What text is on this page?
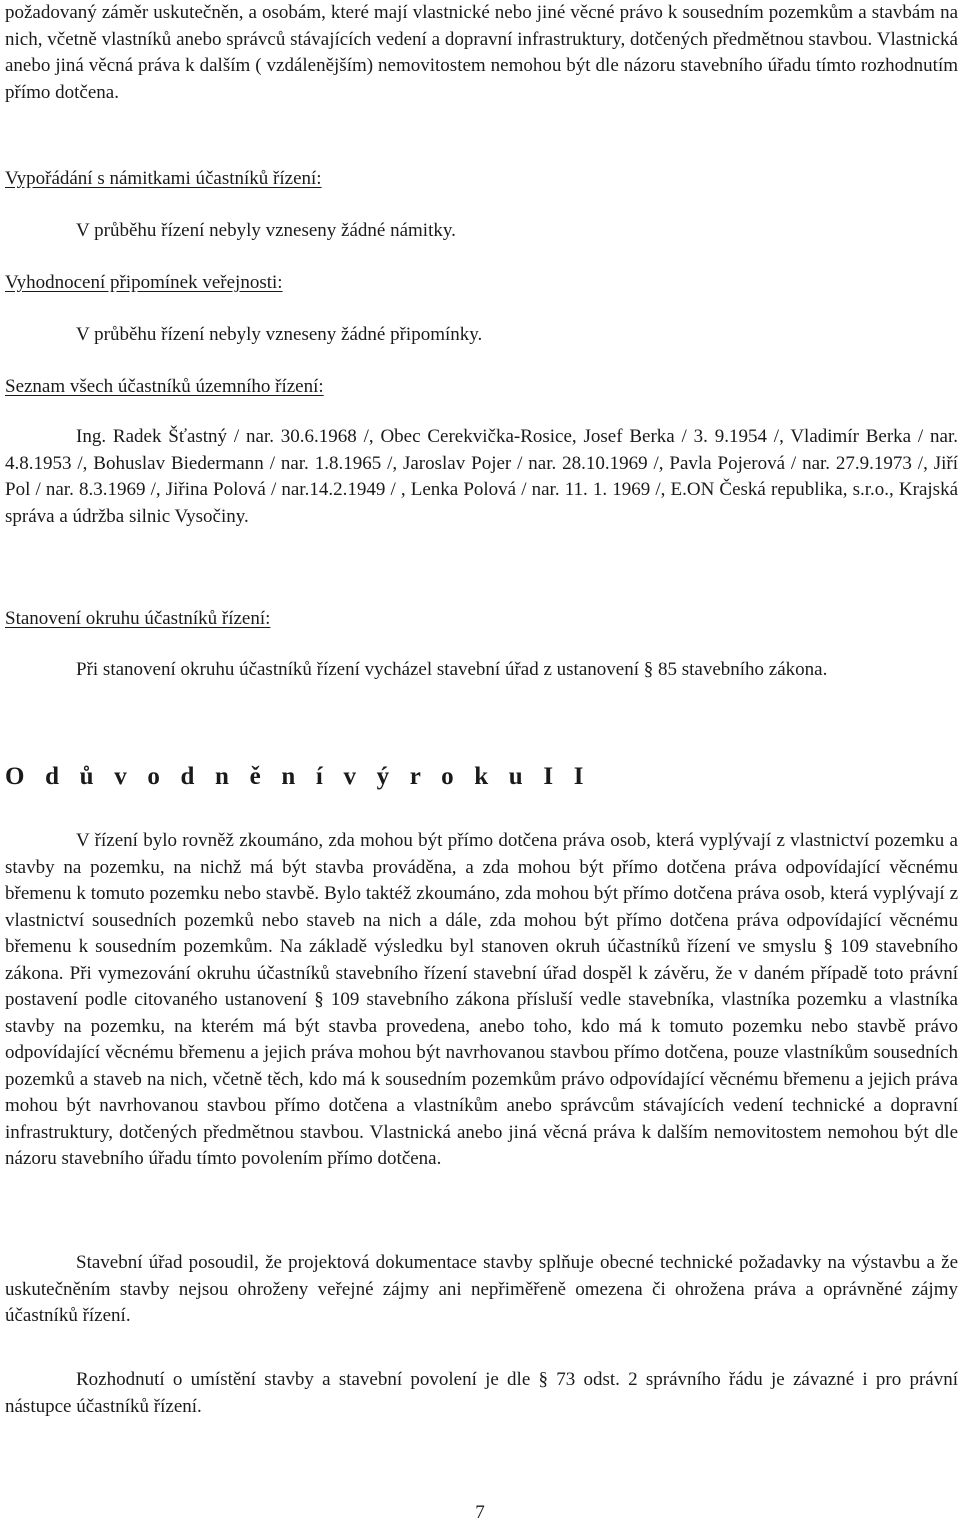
požadovaný záměr uskutečněn, a osobám, které mají vlastnické nebo jiné věcné právo k sousedním pozemkům a stavbám na nich, včetně vlastníků anebo správců stávajících vedení a dopravní infrastruktury, dotčených předmětnou stavbou. Vlastnická anebo jiná věcná práva k dalším ( vzdálenějším) nemovitostem nemohou být dle názoru stavebního úřadu tímto rozhodnutím přímo dotčena.

Vypořádání s námitkami účastníků řízení:

V průběhu řízení nebyly vzneseny žádné námitky.

Vyhodnocení připomínek veřejnosti:

V průběhu řízení nebyly vzneseny žádné připomínky.

Seznam všech účastníků územního řízení:

Ing. Radek Šťastný / nar. 30.6.1968 /, Obec Cerekvička-Rosice, Josef Berka / 3. 9.1954 /, Vladimír Berka / nar. 4.8.1953 /, Bohuslav Biedermann / nar. 1.8.1965 /, Jaroslav Pojer / nar. 28.10.1969 /, Pavla Pojerová / nar. 27.9.1973 /, Jiří Pol / nar. 8.3.1969 /, Jiřina Polová / nar.14.2.1949 / , Lenka Polová / nar. 11. 1. 1969 /, E.ON Česká republika, s.r.o., Krajská správa a údržba silnic Vysočiny.

Stanovení okruhu účastníků řízení:

Při stanovení okruhu účastníků řízení vycházel stavební úřad z ustanovení § 85 stavebního zákona.

O d ů v o d n ě n í v ý r o k u I I

V řízení bylo rovněž zkoumáno, zda mohou být přímo dotčena práva osob, která vyplývají z vlastnictví pozemku a stavby na pozemku, na nichž má být stavba prováděna, a zda mohou být přímo dotčena práva odpovídající věcnému břemenu k tomuto pozemku nebo stavbě. Bylo taktéž zkoumáno, zda mohou být přímo dotčena práva osob, která vyplývají z vlastnictví sousedních pozemků nebo staveb na nich a dále, zda mohou být přímo dotčena práva odpovídající věcnému břemenu k sousedním pozemkům. Na základě výsledku byl stanoven okruh účastníků řízení ve smyslu § 109 stavebního zákona. Při vymezování okruhu účastníků stavebního řízení stavební úřad dospěl k závěru, že v daném případě toto právní postavení podle citovaného ustanovení § 109 stavebního zákona přísluší vedle stavebníka, vlastníka pozemku a vlastníka stavby na pozemku, na kterém má být stavba provedena, anebo toho, kdo má k tomuto pozemku nebo stavbě právo odpovídající věcnému břemenu a jejich práva mohou být navrhovanou stavbou přímo dotčena, pouze vlastníkům sousedních pozemků a staveb na nich, včetně těch, kdo má k sousedním pozemkům právo odpovídající věcnému břemenu a jejich práva mohou být navrhovanou stavbou přímo dotčena a vlastníkům anebo správcům stávajících vedení technické a dopravní infrastruktury, dotčených předmětnou stavbou. Vlastnická anebo jiná věcná práva k dalším nemovitostem nemohou být dle názoru stavebního úřadu tímto povolením přímo dotčena.

Stavební úřad posoudil, že projektová dokumentace stavby splňuje obecné technické požadavky na výstavbu a že uskutečněním stavby nejsou ohroženy veřejné zájmy ani nepřiměřeně omezena či ohrožena práva a oprávněné zájmy účastníků řízení.

Rozhodnutí o umístění stavby a stavební povolení je dle § 73 odst. 2 správního řádu je závazné i pro právní nástupce účastníků řízení.

7
